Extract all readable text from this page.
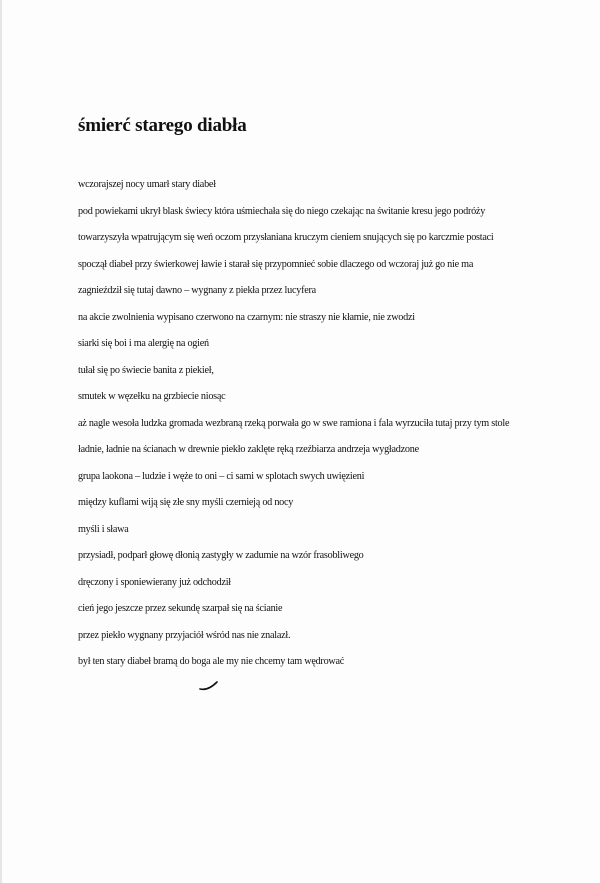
śmierć starego diabła
wczorajszej nocy umarł stary diabeł
pod powiekami ukrył blask świecy która uśmiechała się do niego czekając na świtanie kresu jego podróży
towarzyszyła wpatrującym się weń oczom przysłaniana kruczym cieniem snujących się po karczmie postaci
spoczął diabeł przy świerkowej ławie i starał się przypomnieć sobie dlaczego od wczoraj już go nie ma
zagnieździł się tutaj dawno – wygnany z piekła przez lucyfera
na akcie zwolnienia wypisano czerwono na czarnym: nie straszy nie kłamie, nie zwodzi
siarki się boi i ma alergię na ogień
tułał się po świecie banita z piekieł,
smutek w węzełku na grzbiecie niosąc
aż nagle wesoła ludzka gromada wezbraną rzeką porwała go w swe ramiona i fala wyrzuciła tutaj przy tym stole
ładnie, ładnie na ścianach w drewnie piekło zaklęte ręką rzeźbiarza andrzeja wygładzone
grupa laokona – ludzie i węże to oni – ci sami w splotach swych uwięzieni
między kuflami wiją się złe sny myśli czernieją od nocy
myśli i sława
przysiadł, podparł głowę dłonią zastygły w zadumie na wzór frasobliwego
dręczony i sponiewierany już odchodził
cień jego jeszcze przez sekundę szarpał się na ścianie
przez piekło wygnany przyjaciół wśród nas nie znalazł.
był ten stary diabeł bramą do boga ale my nie chcemy tam wędrować
